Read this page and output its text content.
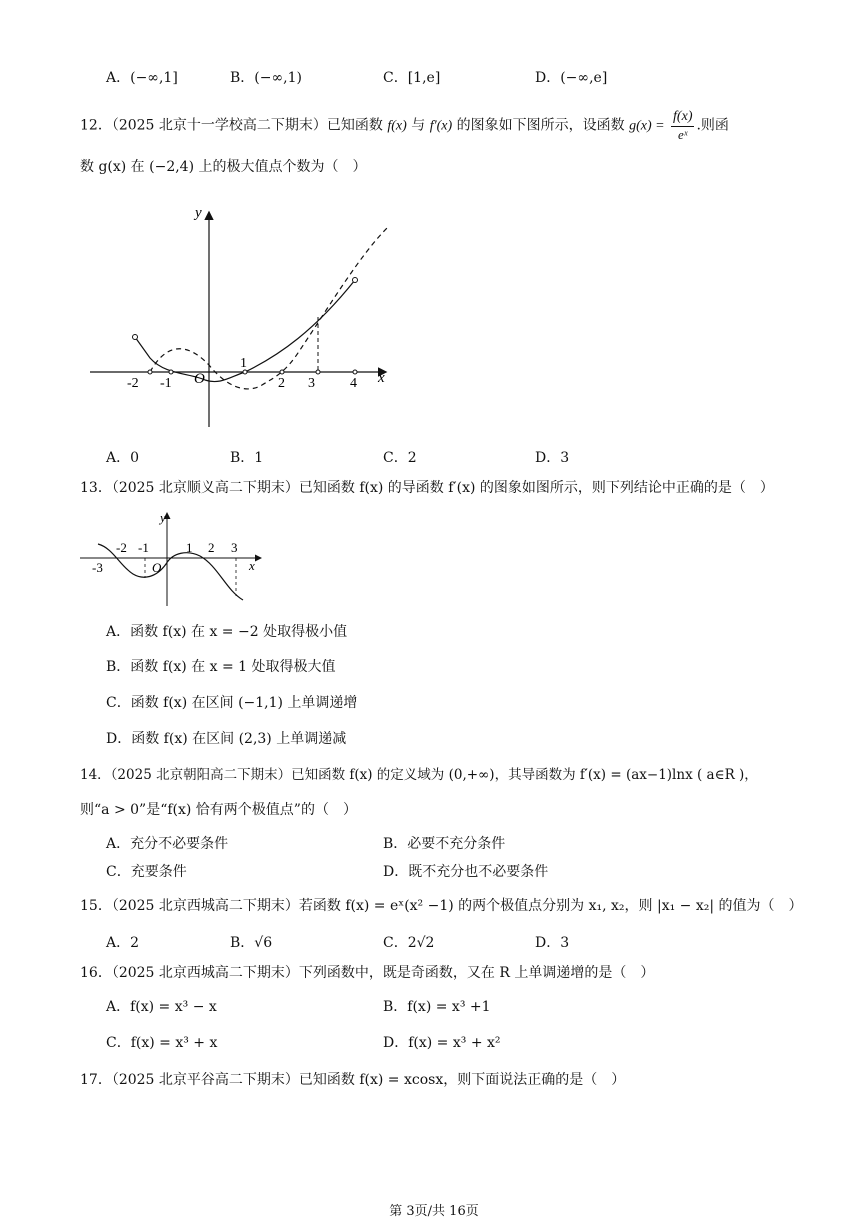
A．(−∞,1]	B．(−∞,1)	C．[1,e]	D．(−∞,e]
12．（2025 北京十一学校高二下期末）已知函数 f(x) 与 f′(x) 的图象如下图所示，设函数 $g(x) = \frac{f(x)}{\text{eˣ}}$ .则函
数 g(x) 在 (−2,4) 上的极大值点个数为（　）
y
x
O
1
-2 -1	2 3	4
A．0	B．1	C．2	D．3
13．（2025 北京顺义高二下期末）已知函数 f(x) 的导函数 f′(x) 的图象如图所示，则下列结论中正确的是（　）
y
x
O
-3
-2 -1	1 2 3
A．函数 f(x) 在 x = −2 处取得极小值
B．函数 f(x) 在 x = 1 处取得极大值
C．函数 f(x) 在区间 (−1,1) 上单调递增
D．函数 f(x) 在区间 (2,3) 上单调递减
14．（2025 北京朝阳高二下期末）已知函数 f(x) 的定义域为 (0,+∞)，其导函数为 f′(x) = (ax−1)lnx ( a∈R )，
则“a > 0”是“f(x) 恰有两个极值点”的（　）
A．充分不必要条件	B．必要不充分条件
C．充要条件	D．既不充分也不必要条件
15．（2025 北京西城高二下期末）若函数 f(x) = eˣ(x² −1) 的两个极值点分别为 x₁, x₂，则 |x₁ − x₂| 的值为（　）
A．2	B．√6	C．2√2	D．3
16．（2025 北京西城高二下期末）下列函数中，既是奇函数，又在 R 上单调递增的是（　）
A．f(x) = x³ − x	B．f(x) = x³ +1
C．f(x) = x³ + x	D．f(x) = x³ + x²
17．（2025 北京平谷高二下期末）已知函数 f(x) = xcosx，则下面说法正确的是（　）
第 3页/共 16页
